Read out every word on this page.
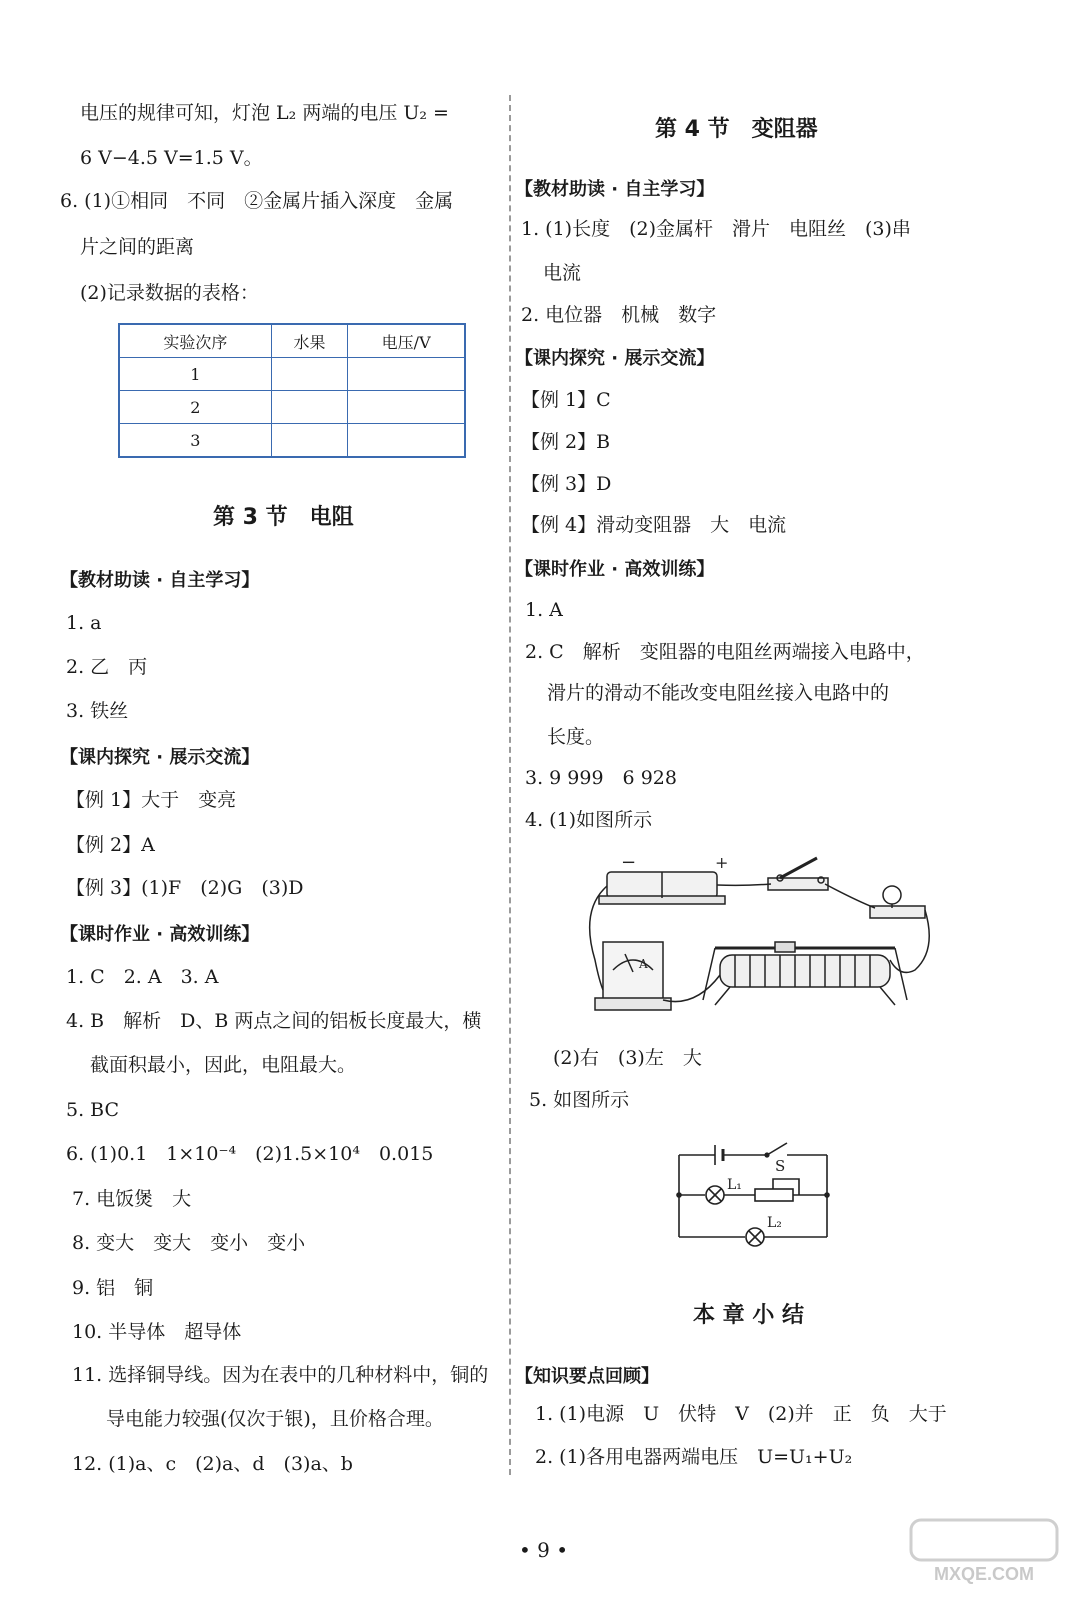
电压的规律可知，灯泡 L₂ 两端的电压 U₂ =
6 V−4.5 V=1.5 V。
6. (1)①相同　不同　②金属片插入深度　金属
片之间的距离
(2)记录数据的表格：
实验次序	水果	电压/V
1		
2		
3		
第 3 节　电阻
【教材助读 · 自主学习】
1. a
2. 乙　丙
3. 铁丝
【课内探究 · 展示交流】
【例 1】大于　变亮
【例 2】A
【例 3】(1)F　(2)G　(3)D
【课时作业 · 高效训练】
1. C　2. A　3. A
4. B　解析　D、B 两点之间的铝板长度最大，横
截面积最小，因此，电阻最大。
5. BC
6. (1)0.1　1×10⁻⁴　(2)1.5×10⁴　0.015
7. 电饭煲　大
8. 变大　变大　变小　变小
9. 铝　铜
10. 半导体　超导体
11. 选择铜导线。因为在表中的几种材料中，铜的
导电能力较强(仅次于银)，且价格合理。
12. (1)a、c　(2)a、d　(3)a、b
第 4 节　变阻器
【教材助读 · 自主学习】
1. (1)长度　(2)金属杆　滑片　电阻丝　(3)串
电流
2. 电位器　机械　数字
【课内探究 · 展示交流】
【例 1】C
【例 2】B
【例 3】D
【例 4】滑动变阻器　大　电流
【课时作业 · 高效训练】
1. A
2. C　解析　变阻器的电阻丝两端接入电路中，
滑片的滑动不能改变电阻丝接入电路中的
长度。
3. 9 999　6 928
4. (1)如图所示
−	+
A
(2)右　(3)左　大
5. 如图所示
S
L₁
L₂
本 章 小 结
【知识要点回顾】
1. (1)电源　U　伏特　V　(2)并　正　负　大于
2. (1)各用电器两端电压　U=U₁+U₂
• 9 •
MXQE.COM
